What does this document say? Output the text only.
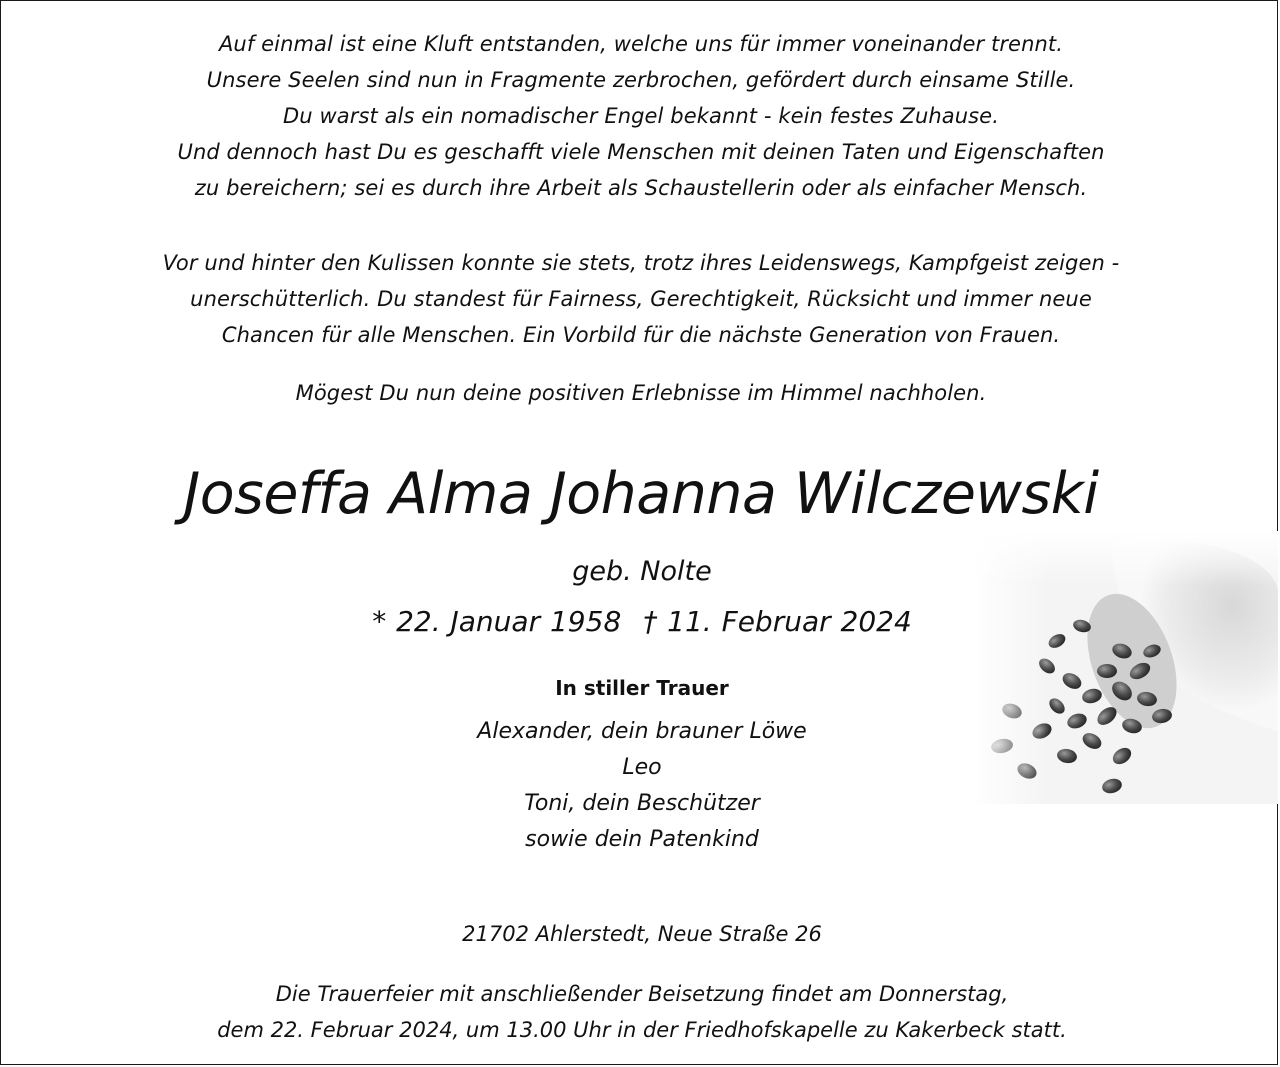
Auf einmal ist eine Kluft entstanden, welche uns für immer voneinander trennt.
Unsere Seelen sind nun in Fragmente zerbrochen, gefördert durch einsame Stille.
Du warst als ein nomadischer Engel bekannt - kein festes Zuhause.
Und dennoch hast Du es geschafft viele Menschen mit deinen Taten und Eigenschaften
zu bereichern; sei es durch ihre Arbeit als Schaustellerin oder als einfacher Mensch.
Vor und hinter den Kulissen konnte sie stets, trotz ihres Leidenswegs, Kampfgeist zeigen -
unerschütterlich. Du standest für Fairness, Gerechtigkeit, Rücksicht und immer neue
Chancen für alle Menschen. Ein Vorbild für die nächste Generation von Frauen.
Mögest Du nun deine positiven Erlebnisse im Himmel nachholen.
Joseffa Alma Johanna Wilczewski
geb. Nolte
* 22. Januar 1958 † 11. Februar 2024
In stiller Trauer
Alexander, dein brauner Löwe
Leo
Toni, dein Beschützer
sowie dein Patenkind
21702 Ahlerstedt, Neue Straße 26
Die Trauerfeier mit anschließender Beisetzung findet am Donnerstag,
dem 22. Februar 2024, um 13.00 Uhr in der Friedhofskapelle zu Kakerbeck statt.
